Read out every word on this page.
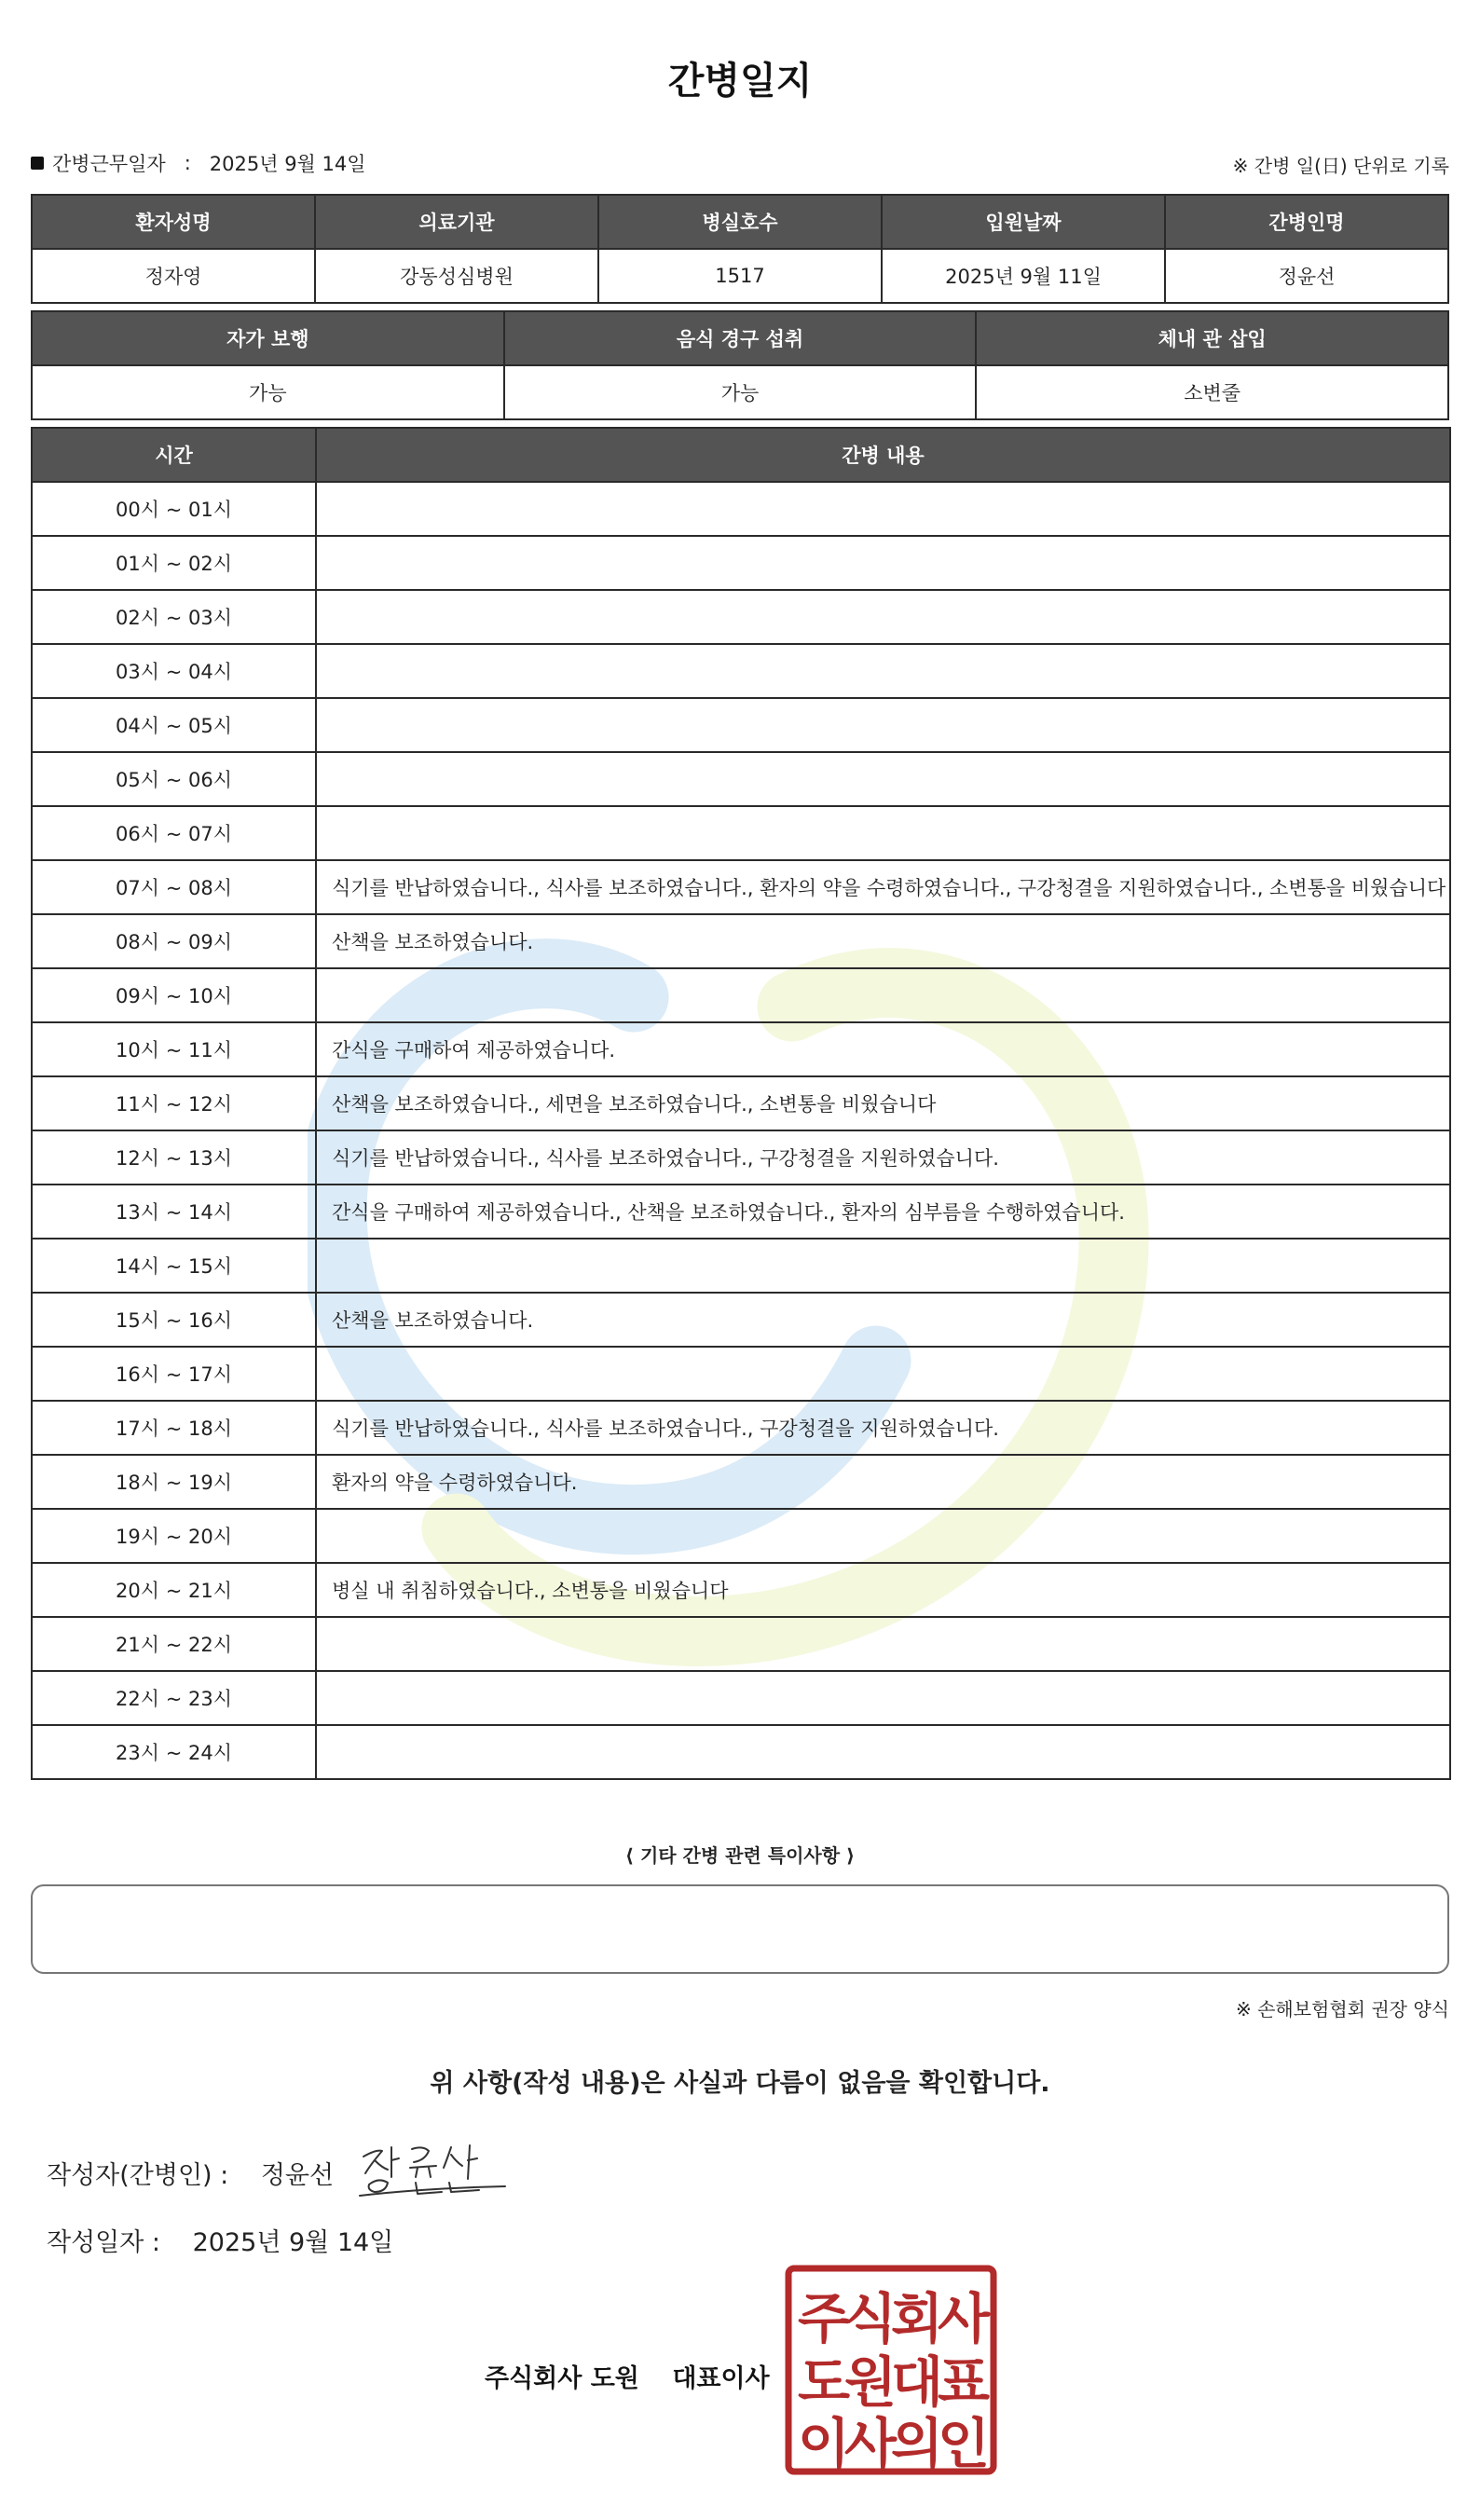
간병일지
간병근무일자 : 2025년 9월 14일	※ 간병 일(日) 단위로 기록
환자성명	의료기관	병실호수	입원날짜	간병인명
정자영	강동성심병원	1517	2025년 9월 11일	정윤선
자가 보행	음식 경구 섭취	체내 관 삽입
가능	가능	소변줄
시간	간병 내용
00시 ~ 01시	
01시 ~ 02시	
02시 ~ 03시	
03시 ~ 04시	
04시 ~ 05시	
05시 ~ 06시	
06시 ~ 07시	
07시 ~ 08시	식기를 반납하였습니다., 식사를 보조하였습니다., 환자의 약을 수령하였습니다., 구강청결을 지원하였습니다., 소변통을 비웠습니다
08시 ~ 09시	산책을 보조하였습니다.
09시 ~ 10시	
10시 ~ 11시	간식을 구매하여 제공하였습니다.
11시 ~ 12시	산책을 보조하였습니다., 세면을 보조하였습니다., 소변통을 비웠습니다
12시 ~ 13시	식기를 반납하였습니다., 식사를 보조하였습니다., 구강청결을 지원하였습니다.
13시 ~ 14시	간식을 구매하여 제공하였습니다., 산책을 보조하였습니다., 환자의 심부름을 수행하였습니다.
14시 ~ 15시	
15시 ~ 16시	산책을 보조하였습니다.
16시 ~ 17시	
17시 ~ 18시	식기를 반납하였습니다., 식사를 보조하였습니다., 구강청결을 지원하였습니다.
18시 ~ 19시	환자의 약을 수령하였습니다.
19시 ~ 20시	
20시 ~ 21시	병실 내 취침하였습니다., 소변통을 비웠습니다
21시 ~ 22시	
22시 ~ 23시	
23시 ~ 24시	
⟨ 기타 간병 관련 특이사항 ⟩
※ 손해보험협회 권장 양식
위 사항(작성 내용)은 사실과 다름이 없음을 확인합니다.
작성자(간병인) : 정윤선
작성일자 : 2025년 9월 14일
주식회사 도원 대표이사
주식회사
도원대표
이사의인
